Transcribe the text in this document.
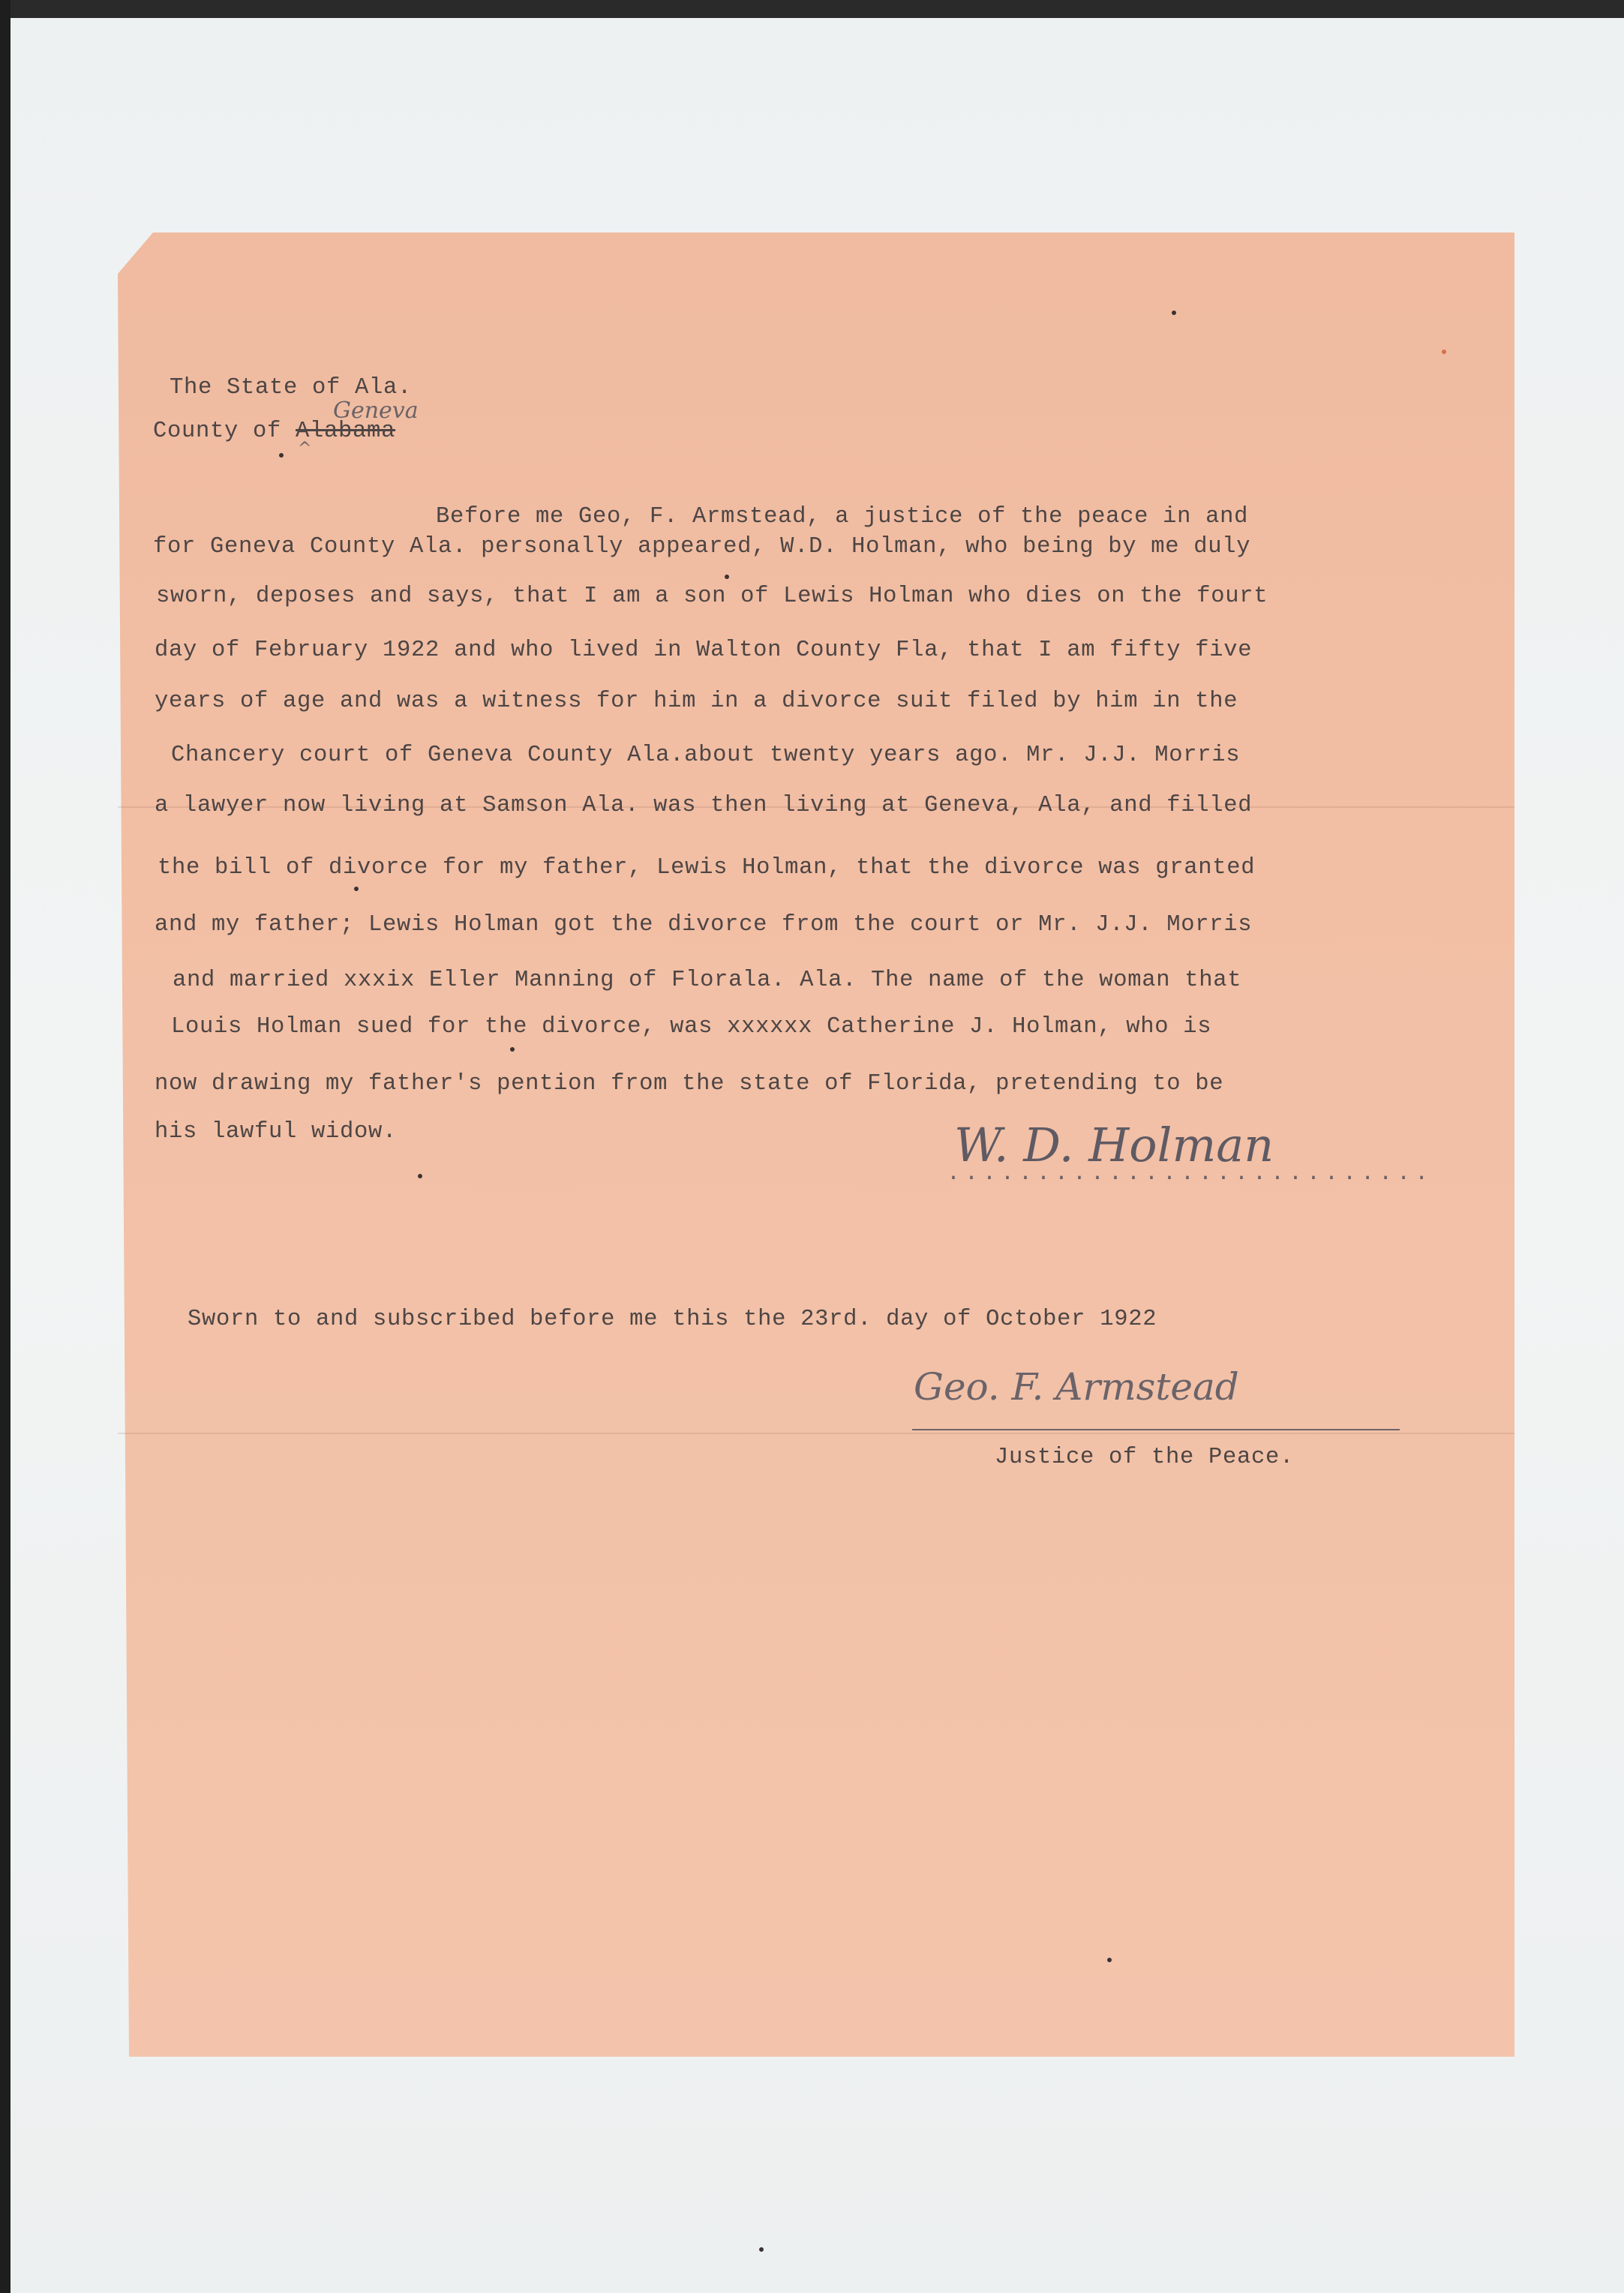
The State of Ala.
County of Alabama
Geneva
^
Before me Geo, F. Armstead, a justice of the peace in and
for Geneva County Ala. personally appeared, W.D. Holman, who being by me duly
sworn, deposes and says, that I am a son of Lewis Holman who dies on the fourt
day of February 1922 and who lived in Walton County Fla, that I am fifty five
years of age and was a witness for him in a divorce suit filed by him in the
Chancery court of Geneva County Ala.about twenty years ago. Mr. J.J. Morris
a lawyer now living at Samson Ala. was then living at Geneva, Ala, and filled
the bill of divorce for my father, Lewis Holman, that the divorce was granted
and my father; Lewis Holman got the divorce from the court or Mr. J.J. Morris
and married xxxix Eller Manning of Florala. Ala. The name of the woman that
Louis Holman sued for the divorce, was xxxxxx Catherine J. Holman, who is
now drawing my father's pention from the state of Florida, pretending to be
his lawful widow.	W. D. Holman
...........................
Sworn to and subscribed before me this the 23rd. day of October 1922
Geo. F. Armstead
Justice of the Peace.
